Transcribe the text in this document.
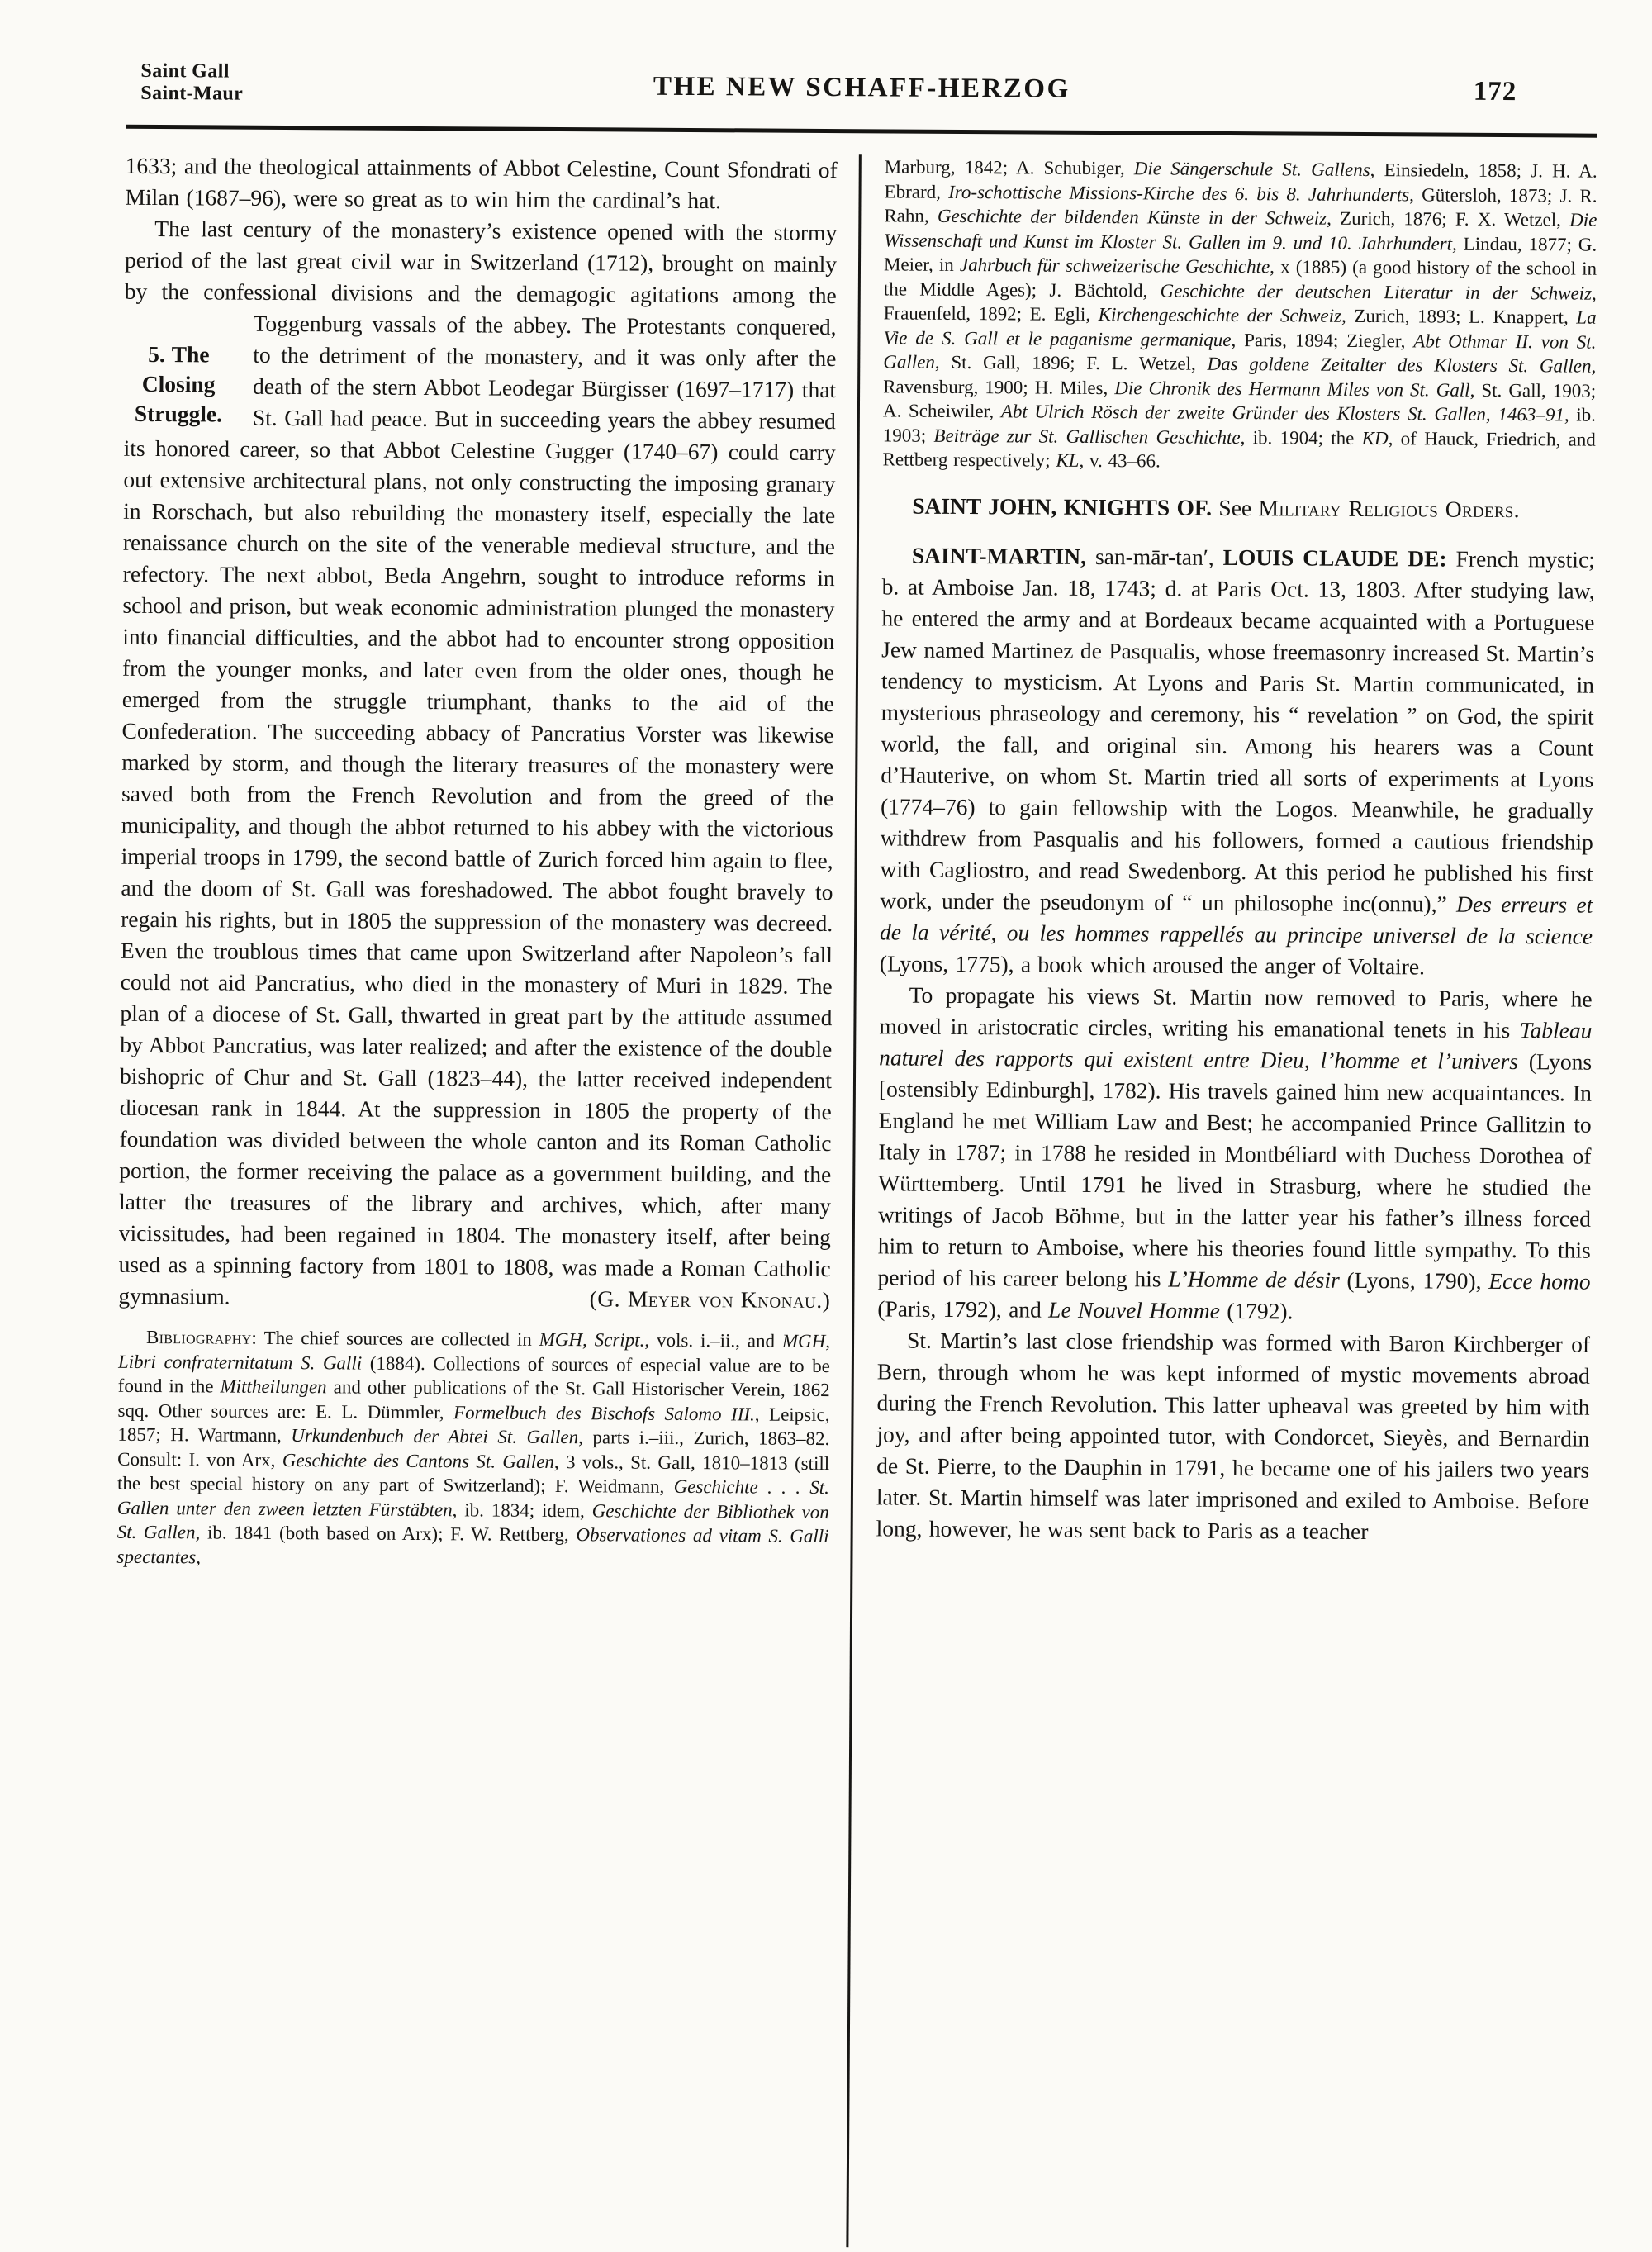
Saint Gall
Saint-Maur	THE NEW SCHAFF-HERZOG	172

1633; and the theological attainments of Abbot Celestine, Count Sfondrati of Milan (1687–96), were so great as to win him the cardinal’s hat.

The last century of the monastery’s existence opened with the stormy period of the last great civil war in Switzerland (1712), brought on mainly by the confessional divisions and the demagogic agitations among the Toggenburg vassals of the
5. The Closing Struggle.
abbey. The Protestants conquered, to the detriment of the monastery, and it was only after the death of the stern Abbot Leodegar Bürgisser (1697–1717) that St. Gall had peace. But in succeeding years the abbey resumed its honored career, so that Abbot Celestine Gugger (1740–67) could carry out extensive architectural plans, not only constructing the imposing granary in Rorschach, but also rebuilding the monastery itself, especially the late renaissance church on the site of the venerable medieval structure, and the refectory. The next abbot, Beda Angehrn, sought to introduce reforms in school and prison, but weak economic administration plunged the monastery into financial difficulties, and the abbot had to encounter strong opposition from the younger monks, and later even from the older ones, though he emerged from the struggle triumphant, thanks to the aid of the Confederation. The succeeding abbacy of Pancratius Vorster was likewise marked by storm, and though the literary treasures of the monastery were saved both from the French Revolution and from the greed of the municipality, and though the abbot returned to his abbey with the victorious imperial troops in 1799, the second battle of Zurich forced him again to flee, and the doom of St. Gall was foreshadowed. The abbot fought bravely to regain his rights, but in 1805 the suppression of the monastery was decreed. Even the troublous times that came upon Switzerland after Napoleon’s fall could not aid Pancratius, who died in the monastery of Muri in 1829. The plan of a diocese of St. Gall, thwarted in great part by the attitude assumed by Abbot Pancratius, was later realized; and after the existence of the double bishopric of Chur and St. Gall (1823–44), the latter received independent diocesan rank in 1844. At the suppression in 1805 the property of the foundation was divided between the whole canton and its Roman Catholic portion, the former receiving the palace as a government building, and the latter the treasures of the library and archives, which, after many vicissitudes, had been regained in 1804. The monastery itself, after being used as a spinning factory from 1801 to 1808, was made a Roman Catholic gymnasium.	(G. Meyer von Knonau.)

Bibliography: The chief sources are collected in MGH, Script., vols. i.–ii., and MGH, Libri confraternitatum S. Galli (1884). Collections of sources of especial value are to be found in the Mittheilungen and other publications of the St. Gall Historischer Verein, 1862 sqq. Other sources are: E. L. Dümmler, Formelbuch des Bischofs Salomo III., Leipsic, 1857; H. Wartmann, Urkundenbuch der Abtei St. Gallen, parts i.–iii., Zurich, 1863–82. Consult: I. von Arx, Geschichte des Cantons St. Gallen, 3 vols., St. Gall, 1810–1813 (still the best special history on any part of Switzerland); F. Weidmann, Geschichte . . . St. Gallen unter den zween letzten Fürstäbten, ib. 1834; idem, Geschichte der Bibliothek von St. Gallen, ib. 1841 (both based on Arx); F. W. Rettberg, Observationes ad vitam S. Galli spectantes,

Marburg, 1842; A. Schubiger, Die Sängerschule St. Gallens, Einsiedeln, 1858; J. H. A. Ebrard, Iro-schottische Missions-Kirche des 6. bis 8. Jahrhunderts, Gütersloh, 1873; J. R. Rahn, Geschichte der bildenden Künste in der Schweiz, Zurich, 1876; F. X. Wetzel, Die Wissenschaft und Kunst im Kloster St. Gallen im 9. und 10. Jahrhundert, Lindau, 1877; G. Meier, in Jahrbuch für schweizerische Geschichte, x (1885) (a good history of the school in the Middle Ages); J. Bächtold, Geschichte der deutschen Literatur in der Schweiz, Frauenfeld, 1892; E. Egli, Kirchengeschichte der Schweiz, Zurich, 1893; L. Knappert, La Vie de S. Gall et le paganisme germanique, Paris, 1894; Ziegler, Abt Othmar II. von St. Gallen, St. Gall, 1896; F. L. Wetzel, Das goldene Zeitalter des Klosters St. Gallen, Ravensburg, 1900; H. Miles, Die Chronik des Hermann Miles von St. Gall, St. Gall, 1903; A. Scheiwiler, Abt Ulrich Rösch der zweite Gründer des Klosters St. Gallen, 1463–91, ib. 1903; Beiträge zur St. Gallischen Geschichte, ib. 1904; the KD, of Hauck, Friedrich, and Rettberg respectively; KL, v. 43–66.

SAINT JOHN, KNIGHTS OF. See Military Religious Orders.

SAINT-MARTIN, san-mār-tan′, LOUIS CLAUDE DE: French mystic; b. at Amboise Jan. 18, 1743; d. at Paris Oct. 13, 1803. After studying law, he entered the army and at Bordeaux became acquainted with a Portuguese Jew named Martinez de Pasqualis, whose freemasonry increased St. Martin’s tendency to mysticism. At Lyons and Paris St. Martin communicated, in mysterious phraseology and ceremony, his “ revelation ” on God, the spirit world, the fall, and original sin. Among his hearers was a Count d’Hauterive, on whom St. Martin tried all sorts of experiments at Lyons (1774–76) to gain fellowship with the Logos. Meanwhile, he gradually withdrew from Pasqualis and his followers, formed a cautious friendship with Cagliostro, and read Swedenborg. At this period he published his first work, under the pseudonym of “ un philosophe inc(onnu),” Des erreurs et de la vérité, ou les hommes rappellés au principe universel de la science (Lyons, 1775), a book which aroused the anger of Voltaire.

To propagate his views St. Martin now removed to Paris, where he moved in aristocratic circles, writing his emanational tenets in his Tableau naturel des rapports qui existent entre Dieu, l’homme et l’univers (Lyons [ostensibly Edinburgh], 1782). His travels gained him new acquaintances. In England he met William Law and Best; he accompanied Prince Gallitzin to Italy in 1787; in 1788 he resided in Montbéliard with Duchess Dorothea of Württemberg. Until 1791 he lived in Strasburg, where he studied the writings of Jacob Böhme, but in the latter year his father’s illness forced him to return to Amboise, where his theories found little sympathy. To this period of his career belong his L’Homme de désir (Lyons, 1790), Ecce homo (Paris, 1792), and Le Nouvel Homme (1792).

St. Martin’s last close friendship was formed with Baron Kirchberger of Bern, through whom he was kept informed of mystic movements abroad during the French Revolution. This latter upheaval was greeted by him with joy, and after being appointed tutor, with Condorcet, Sieyès, and Bernardin de St. Pierre, to the Dauphin in 1791, he became one of his jailers two years later. St. Martin himself was later imprisoned and exiled to Amboise. Before long, however, he was sent back to Paris as a teacher
